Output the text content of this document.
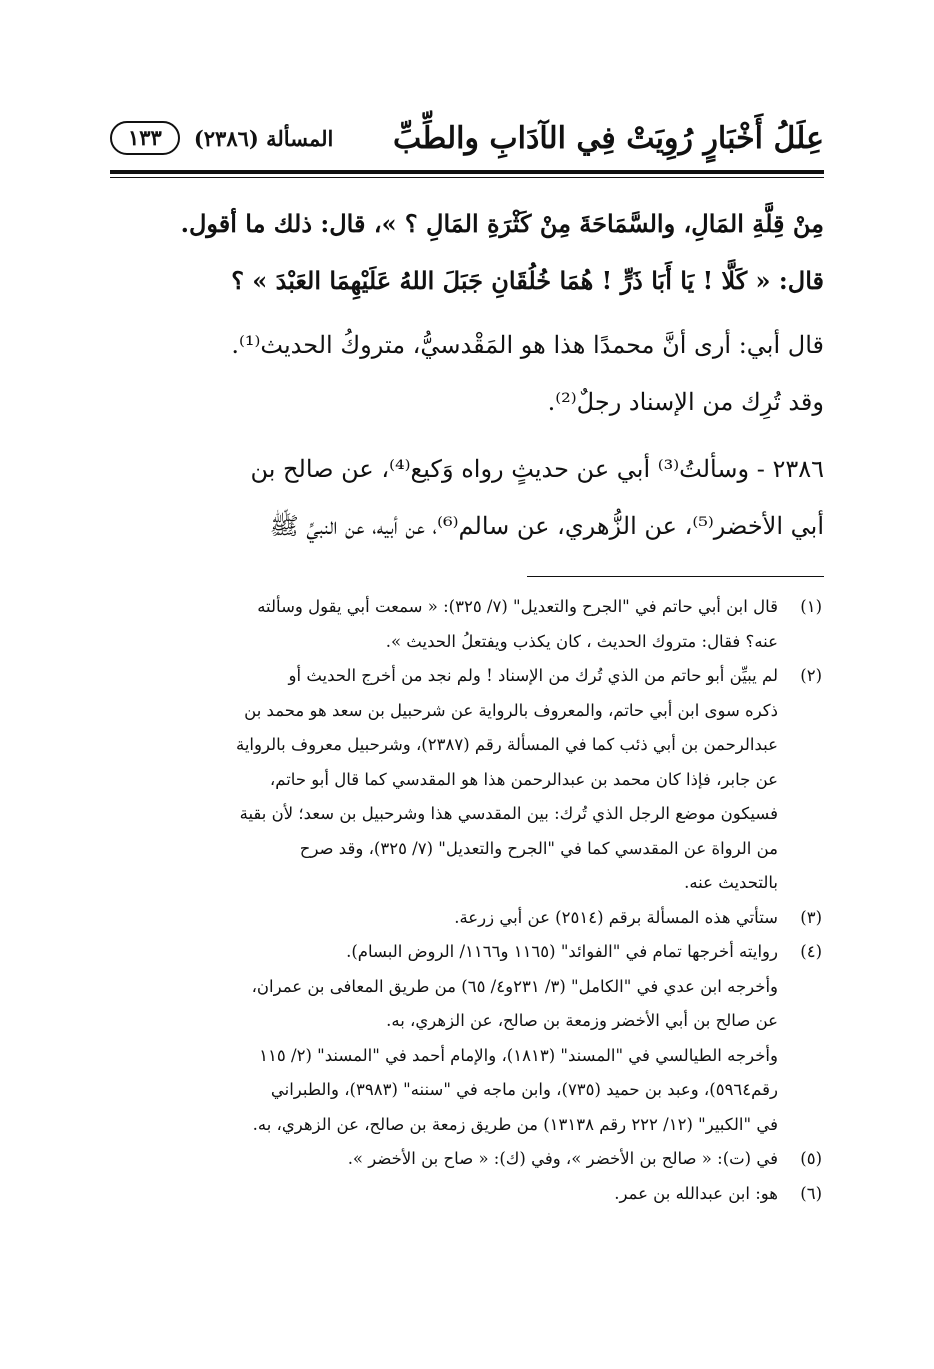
عِلَلُ أَخْبَارٍ رُوِيَتْ فِي الآدَابِ والطِّبِّ
المسألة (٢٣٨٦)
١٣٣

مِنْ قِلَّةِ المَالِ، والسَّمَاحَةَ مِنْ كَثْرَةِ المَالِ ؟ »، قال: ذلك ما أقول.

قال: « كَلَّا ! يَا أَبَا ذَرٍّ ! هُمَا خُلُقَانِ جَبَلَ اللهُ عَلَيْهِمَا العَبْدَ » ؟

قال أبي: أرى أنَّ محمدًا هذا هو المَقْدسيُّ، متروكُ الحديث⁽¹⁾.

وقد تُرِك من الإسناد رجلٌ⁽²⁾.

٢٣٨٦ - وسألتُ⁽³⁾ أبي عن حديثٍ رواه وَكيع⁽⁴⁾، عن صالح بن

أبي الأخضر⁽⁵⁾، عن الزُّهري، عن سالم⁽⁶⁾، عن أبيه، عن النبيِّ ﷺ

(١)
قال ابن أبي حاتم في "الجرح والتعديل" (٧/ ٣٢٥): « سمعت أبي يقول وسألته
عنه؟ فقال: متروك الحديث ، كان يكذب ويفتعلُ الحديث ».
(٢)
لم يبيِّن أبو حاتم من الذي تُرك من الإسناد ! ولم نجد من أخرج الحديث أو
ذكره سوى ابن أبي حاتم، والمعروف بالرواية عن شرحبيل بن سعد هو محمد بن
عبدالرحمن بن أبي ذئب كما في المسألة رقم (٢٣٨٧)، وشرحبيل معروف بالرواية
عن جابر، فإذا كان محمد بن عبدالرحمن هذا هو المقدسي كما قال أبو حاتم،
فسيكون موضع الرجل الذي تُرك: بين المقدسي هذا وشرحبيل بن سعد؛ لأن بقية
من الرواة عن المقدسي كما في "الجرح والتعديل" (٧/ ٣٢٥)، وقد صرح
بالتحديث عنه.
(٣)
ستأتي هذه المسألة برقم (٢٥١٤) عن أبي زرعة.
(٤)
روايته أخرجها تمام في "الفوائد" (١١٦٥ و١١٦٦/ الروض البسام).
وأخرجه ابن عدي في "الكامل" (٣/ ٢٣١و٤/ ٦٥) من طريق المعافى بن عمران،
عن صالح بن أبي الأخضر وزمعة بن صالح، عن الزهري، به.
وأخرجه الطيالسي في "المسند" (١٨١٣)، والإمام أحمد في "المسند" (٢/ ١١٥
رقم٥٩٦٤)، وعبد بن حميد (٧٣٥)، وابن ماجه في "سننه" (٣٩٨٣)، والطبراني
في "الكبير" (١٢/ ٢٢٢ رقم ١٣١٣٨) من طريق زمعة بن صالح، عن الزهري، به.
(٥)
في (ت): « صالح بن الأخضر »، وفي (ك): « صاح بن الأخضر ».
(٦)
هو: ابن عبدالله بن عمر.
